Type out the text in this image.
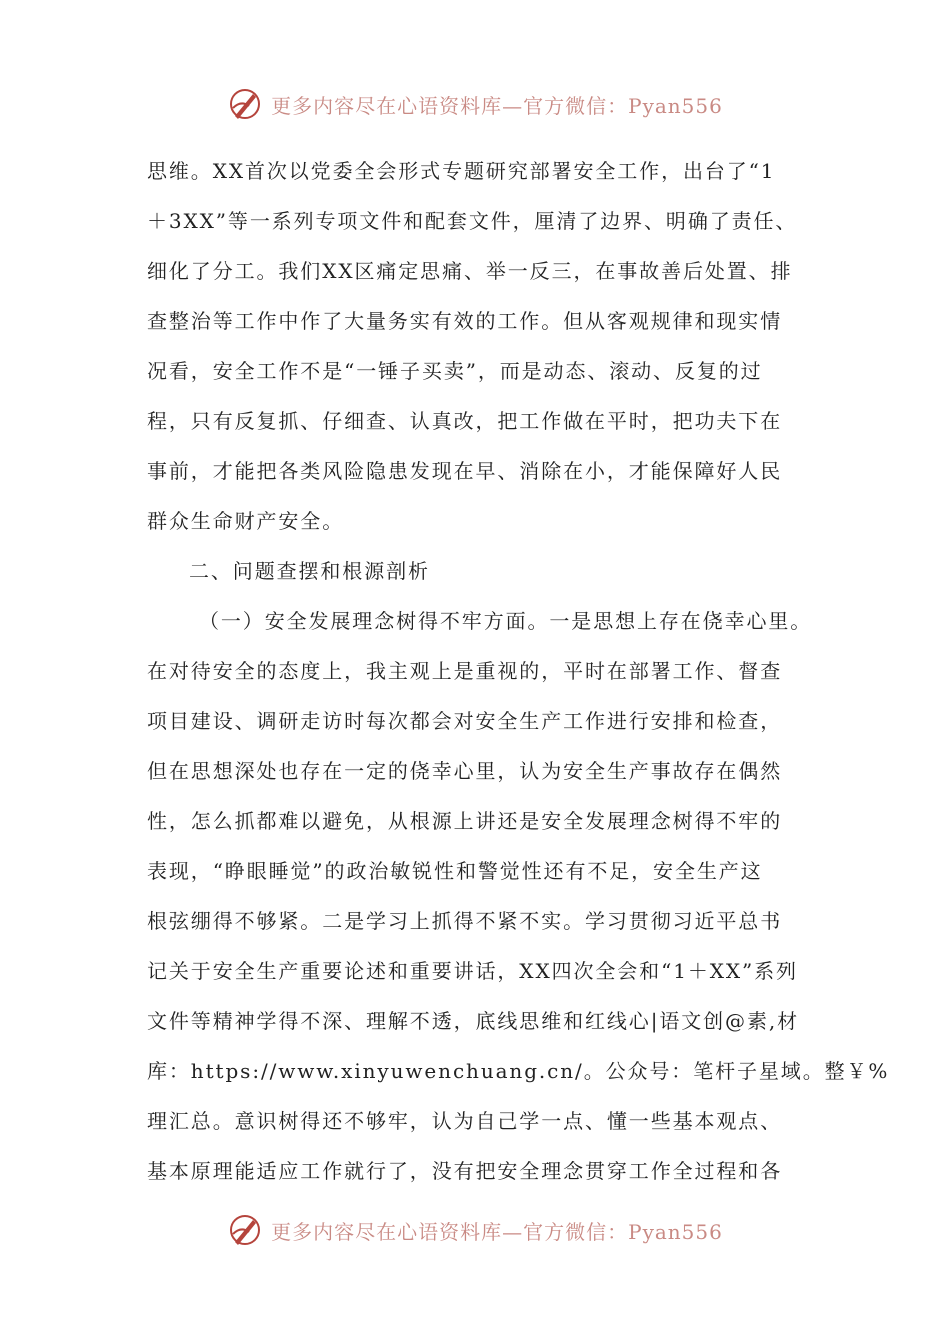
更多内容尽在心语资料库—官方微信：Pyan556
思维。XX首次以党委全会形式专题研究部署安全工作，出台了“1
＋3XX”等一系列专项文件和配套文件，厘清了边界、明确了责任、
细化了分工。我们XX区痛定思痛、举一反三，在事故善后处置、排
查整治等工作中作了大量务实有效的工作。但从客观规律和现实情
况看，安全工作不是“一锤子买卖”，而是动态、滚动、反复的过
程，只有反复抓、仔细查、认真改，把工作做在平时，把功夫下在
事前，才能把各类风险隐患发现在早、消除在小，才能保障好人民
群众生命财产安全。
二、问题查摆和根源剖析
（一）安全发展理念树得不牢方面。一是思想上存在侥幸心里。
在对待安全的态度上，我主观上是重视的，平时在部署工作、督查
项目建设、调研走访时每次都会对安全生产工作进行安排和检查，
但在思想深处也存在一定的侥幸心里，认为安全生产事故存在偶然
性，怎么抓都难以避免，从根源上讲还是安全发展理念树得不牢的
表现，“睁眼睡觉”的政治敏锐性和警觉性还有不足，安全生产这
根弦绷得不够紧。二是学习上抓得不紧不实。学习贯彻习近平总书
记关于安全生产重要论述和重要讲话，XX四次全会和“1＋XX”系列
文件等精神学得不深、理解不透，底线思维和红线心|语文创@素,材
库：https://www.xinyuwenchuang.cn/。公众号：笔杆子星域。整￥%
理汇总。意识树得还不够牢，认为自己学一点、懂一些基本观点、
基本原理能适应工作就行了，没有把安全理念贯穿工作全过程和各
更多内容尽在心语资料库—官方微信：Pyan556
